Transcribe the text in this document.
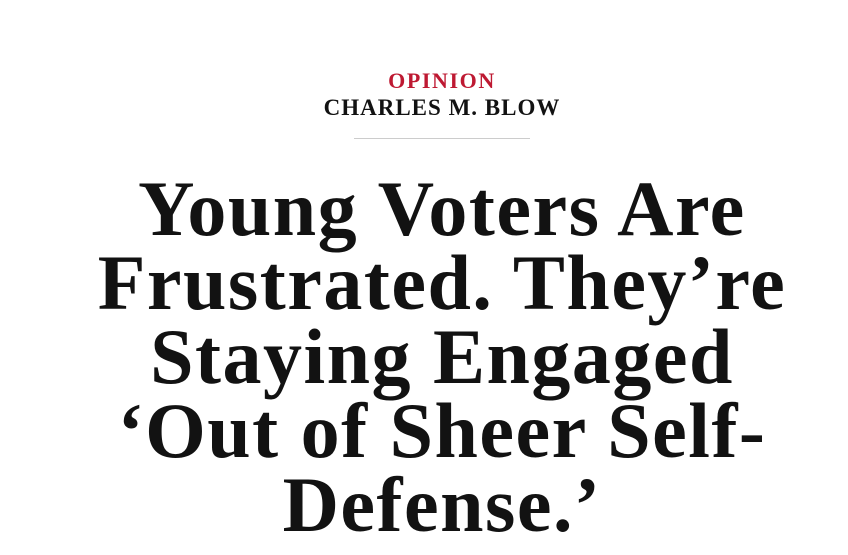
OPINION
CHARLES M. BLOW
Young Voters Are
Frustrated. They’re
Staying Engaged
‘Out of Sheer Self-
Defense.’
